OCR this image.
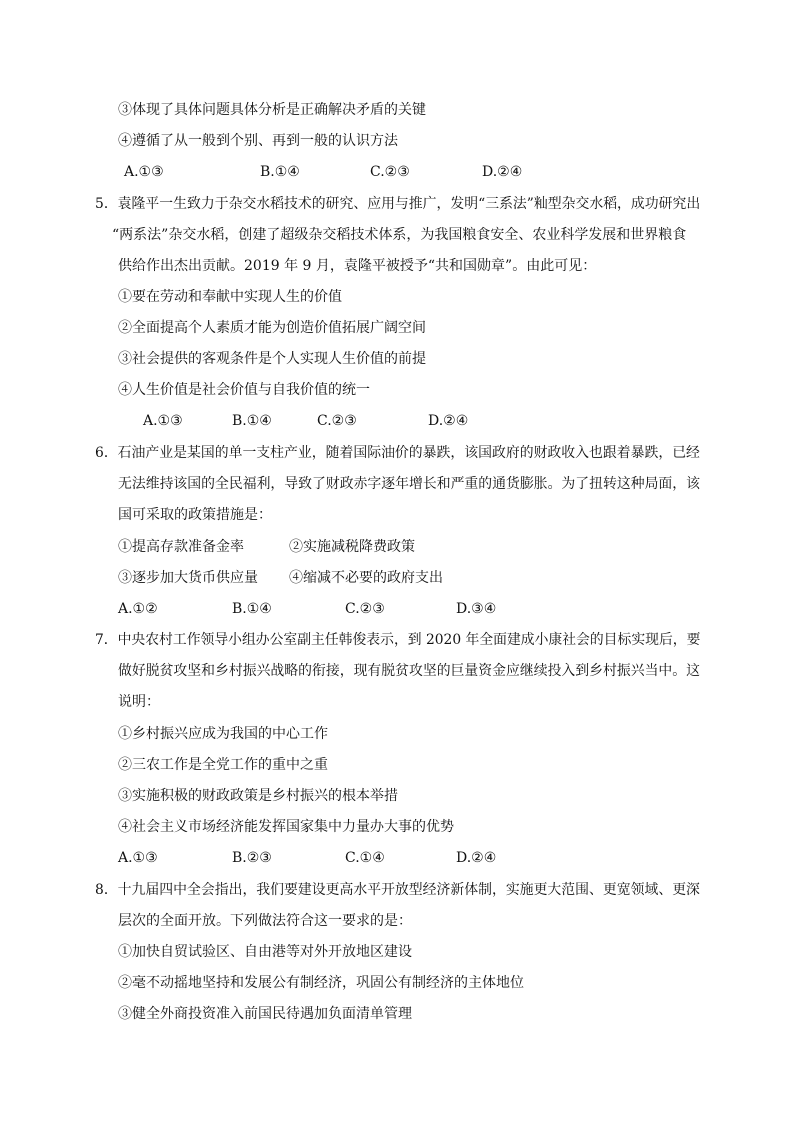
③体现了具体问题具体分析是正确解决矛盾的关键
④遵循了从一般到个别、再到一般的认识方法
A.①③	B.①④	C.②③	D.②④
5．袁隆平一生致力于杂交水稻技术的研究、应用与推广，发明“三系法”籼型杂交水稻，成功研究出
“两系法”杂交水稻，创建了超级杂交稻技术体系，为我国粮食安全、农业科学发展和世界粮食
供给作出杰出贡献。2019 年 9 月，袁隆平被授予“共和国勋章”。由此可见：
①要在劳动和奉献中实现人生的价值
②全面提高个人素质才能为创造价值拓展广阔空间
③社会提供的客观条件是个人实现人生价值的前提
④人生价值是社会价值与自我价值的统一
A.①③	B.①④	C.②③	D.②④
6．石油产业是某国的单一支柱产业，随着国际油价的暴跌，该国政府的财政收入也跟着暴跌，已经
无法维持该国的全民福利，导致了财政赤字逐年增长和严重的通货膨胀。为了扭转这种局面，该
国可采取的政策措施是：
①提高存款准备金率	②实施减税降费政策
③逐步加大货币供应量 ④缩减不必要的政府支出
A.①②	B.①④	C.②③	D.③④
7．中央农村工作领导小组办公室副主任韩俊表示，到 2020 年全面建成小康社会的目标实现后，要
做好脱贫攻坚和乡村振兴战略的衔接，现有脱贫攻坚的巨量资金应继续投入到乡村振兴当中。这
说明：
①乡村振兴应成为我国的中心工作
②三农工作是全党工作的重中之重
③实施积极的财政政策是乡村振兴的根本举措
④社会主义市场经济能发挥国家集中力量办大事的优势
A.①③	B.②③	C.①④	D.②④
8．十九届四中全会指出，我们要建设更高水平开放型经济新体制，实施更大范围、更宽领域、更深
层次的全面开放。下列做法符合这一要求的是：
①加快自贸试验区、自由港等对外开放地区建设
②毫不动摇地坚持和发展公有制经济，巩固公有制经济的主体地位
③健全外商投资准入前国民待遇加负面清单管理
